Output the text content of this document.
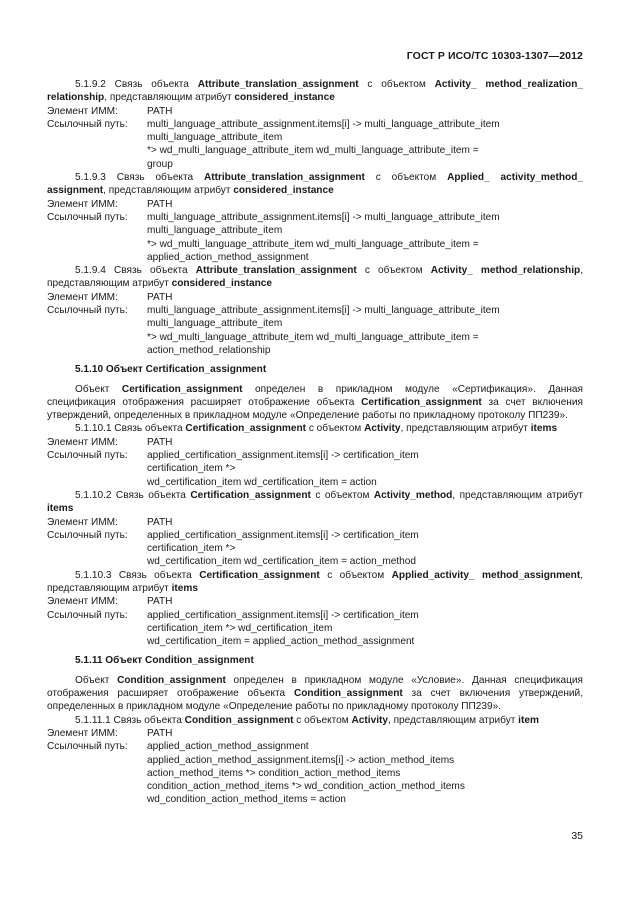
ГОСТ Р ИСО/ТС 10303-1307—2012

5.1.9.2 Связь объекта Attribute_translation_assignment с объектом Activity_ method_realization_ relationship, представляющим атрибут considered_instance

Элемент ИММ:	PATH
Ссылочный путь:	multi_language_attribute_assignment.items[i] -> multi_language_attribute_item
multi_language_attribute_item
*> wd_multi_language_attribute_item wd_multi_language_attribute_item =
group

5.1.9.3 Связь объекта Attribute_translation_assignment с объектом Applied_ activity_method_ assignment, представляющим атрибут considered_instance

Элемент ИММ:	PATH
Ссылочный путь:	multi_language_attribute_assignment.items[i] -> multi_language_attribute_item
multi_language_attribute_item
*> wd_multi_language_attribute_item wd_multi_language_attribute_item =
applied_action_method_assignment

5.1.9.4 Связь объекта Attribute_translation_assignment с объектом Activity_ method_relationship, представляющим атрибут considered_instance

Элемент ИММ:	PATH
Ссылочный путь:	multi_language_attribute_assignment.items[i] -> multi_language_attribute_item
multi_language_attribute_item
*> wd_multi_language_attribute_item wd_multi_language_attribute_item =
action_method_relationship

5.1.10 Объект Certification_assignment

Объект Certification_assignment определен в прикладном модуле «Сертификация». Данная спецификация отображения расширяет отображение объекта Certification_assignment за счет включения утверждений, определенных в прикладном модуле «Определение работы по прикладному протоколу ПП239».

5.1.10.1 Связь объекта Certification_assignment с объектом Activity, представляющим атрибут items

Элемент ИММ:	PATH
Ссылочный путь:	applied_certification_assignment.items[i] -> certification_item
certification_item *>
wd_certification_item wd_certification_item = action

5.1.10.2 Связь объекта Certification_assignment с объектом Activity_method, представляющим атрибут items

Элемент ИММ:	PATH
Ссылочный путь:	applied_certification_assignment.items[i] -> certification_item
certification_item *>
wd_certification_item wd_certification_item = action_method

5.1.10.3 Связь объекта Certification_assignment с объектом Applied_activity_ method_assignment, представляющим атрибут items

Элемент ИММ:	PATH
Ссылочный путь:	applied_certification_assignment.items[i] -> certification_item
certification_item *> wd_certification_item
wd_certification_item = applied_action_method_assignment

5.1.11 Объект Condition_assignment

Объект Condition_assignment определен в прикладном модуле «Условие». Данная спецификация отображения расширяет отображение объекта Condition_assignment за счет включения утверждений, определенных в прикладном модуле «Определение работы по прикладному протоколу ПП239».

5.1.11.1 Связь объекта Condition_assignment с объектом Activity, представляющим атрибут item

Элемент ИММ:	PATH
Ссылочный путь:	applied_action_method_assignment
applied_action_method_assignment.items[i] -> action_method_items
action_method_items *> condition_action_method_items
condition_action_method_items *> wd_condition_action_method_items
wd_condition_action_method_items = action
35
